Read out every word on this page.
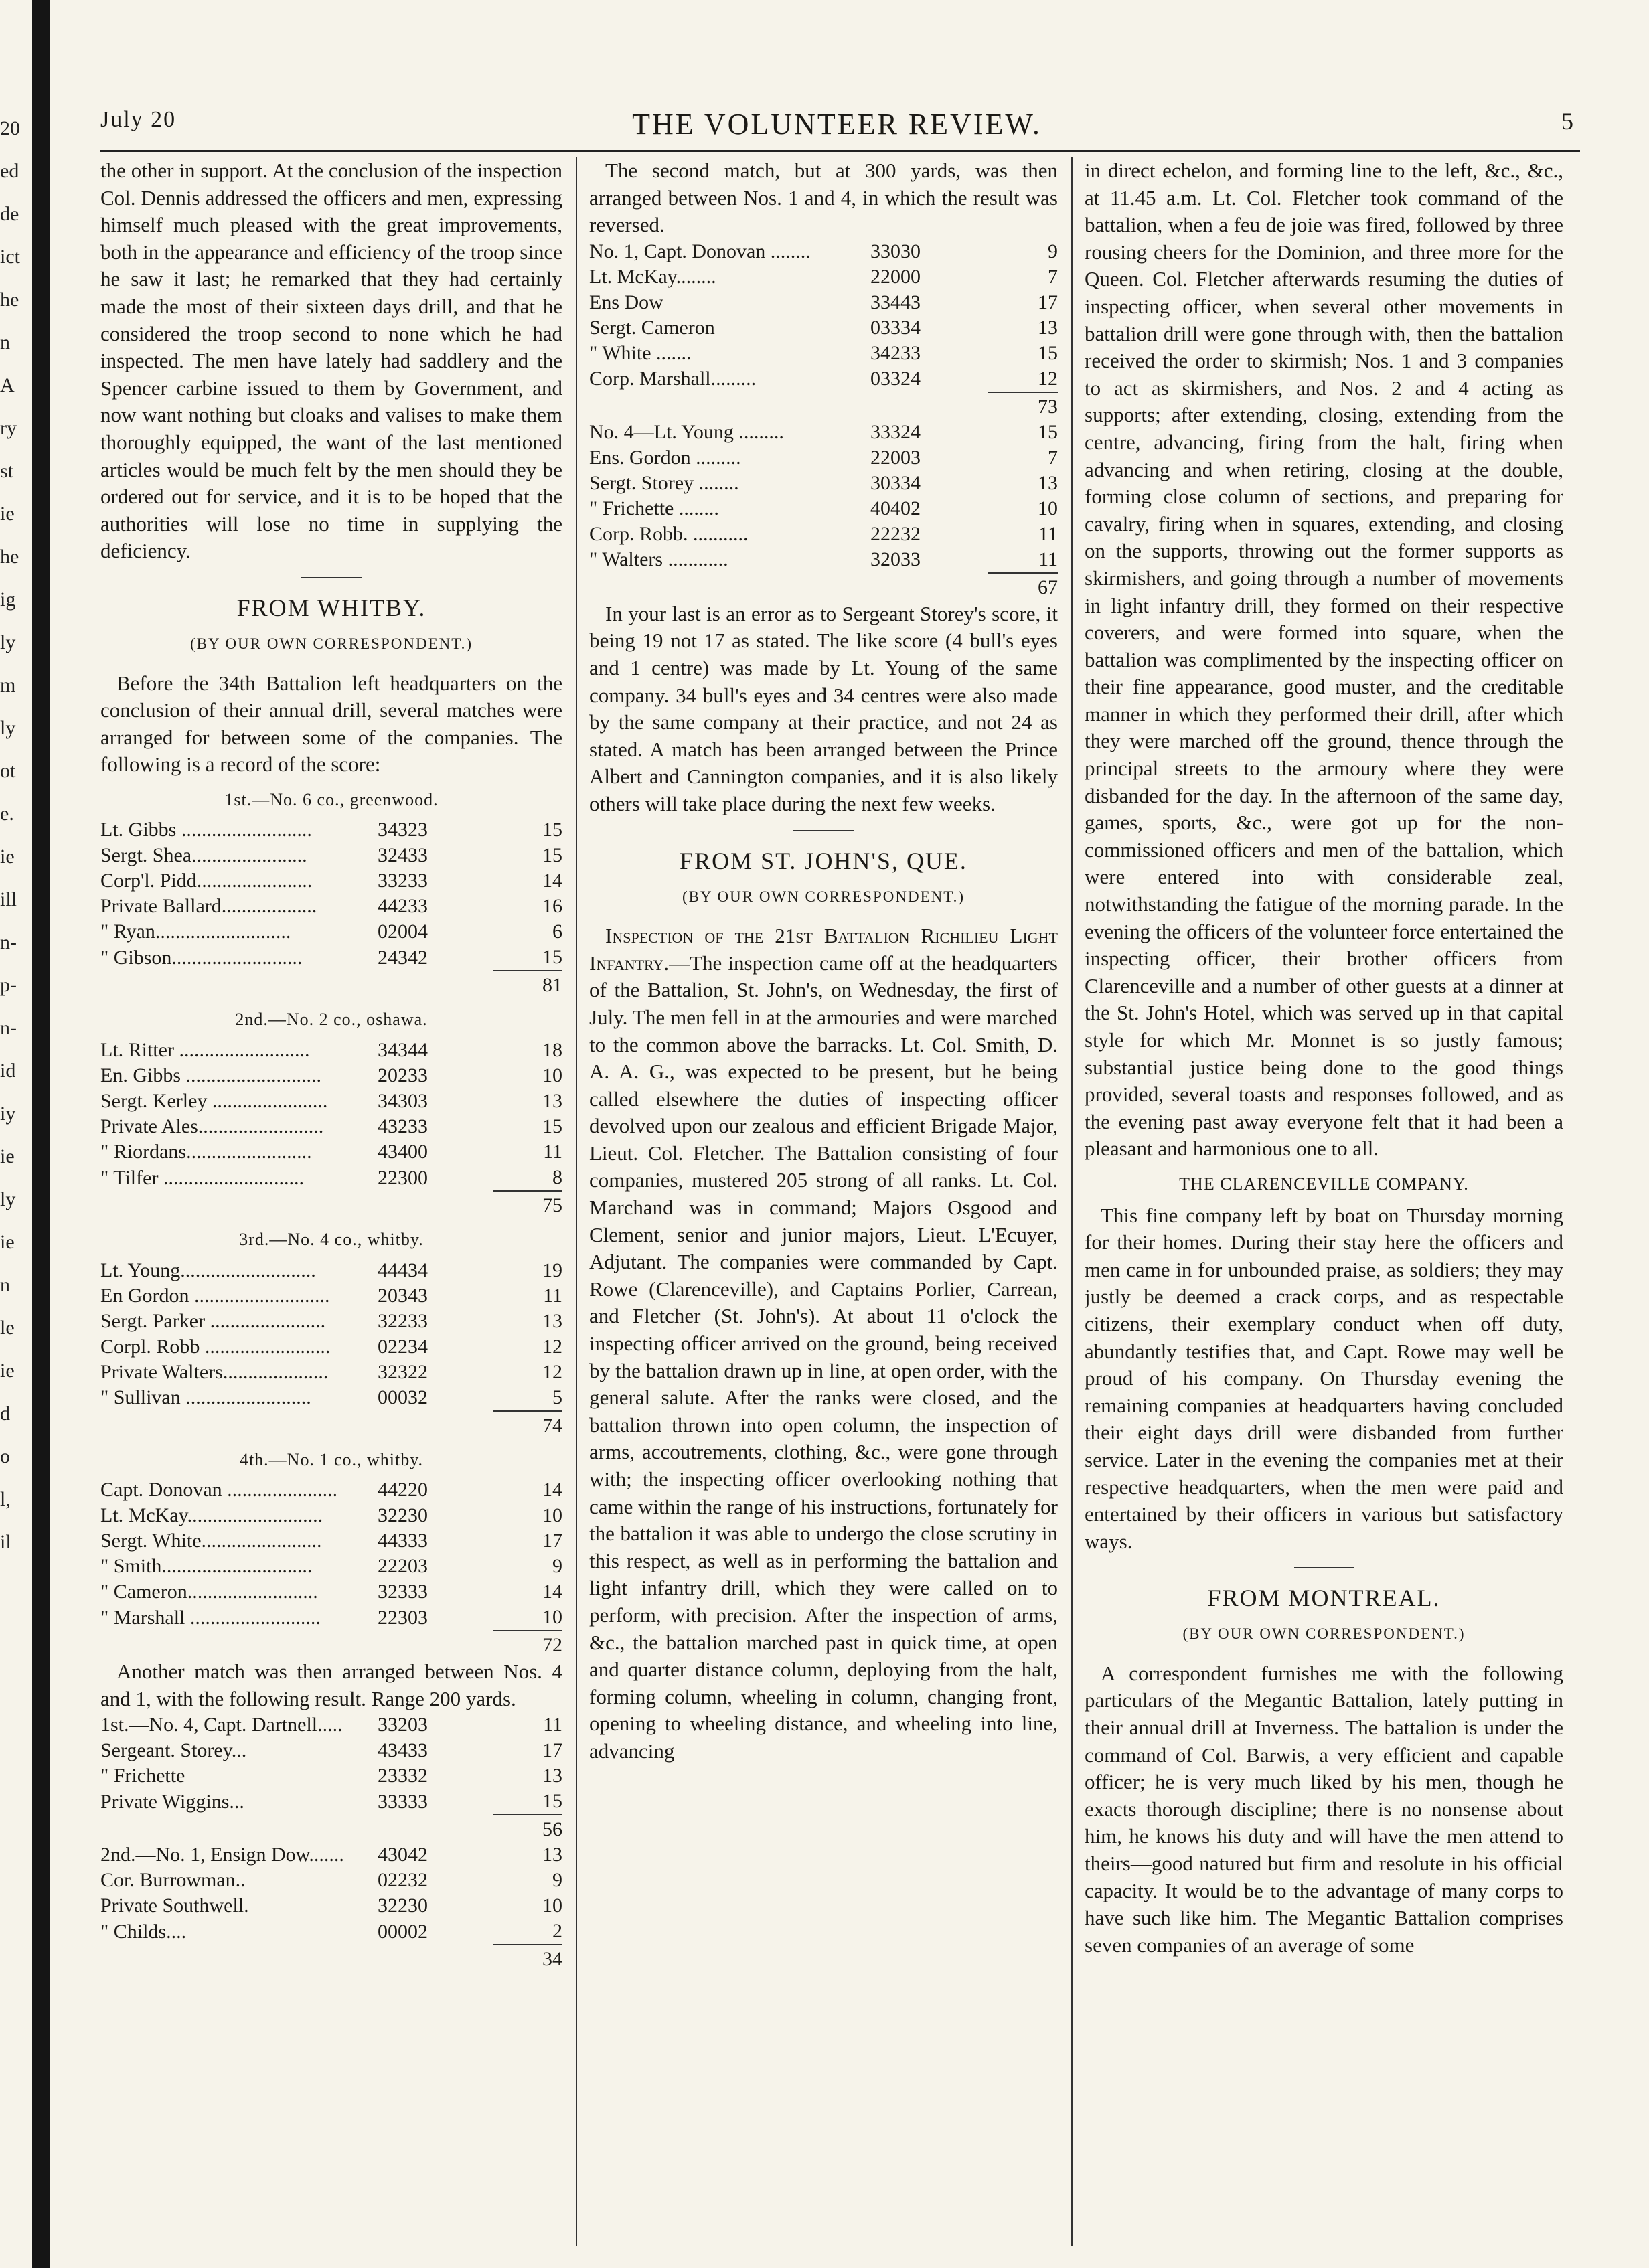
20
ed
de
ict
he
n
A
ry
st
ie
he
ig
ly
m
ly
ot
e.
ie
ill
n-
p-
n-
id
iy
ie
ly
ie
n
le
ie
d
o
l,
il
July 20	THE VOLUNTEER REVIEW.	5

the other in support. At the conclusion of the inspection Col. Dennis addressed the officers and men, expressing himself much pleased with the great improvements, both in the appearance and efficiency of the troop since he saw it last; he remarked that they had certainly made the most of their sixteen days drill, and that he considered the troop second to none which he had inspected. The men have lately had saddlery and the Spencer carbine issued to them by Government, and now want nothing but cloaks and valises to make them thoroughly equipped, the want of the last mentioned articles would be much felt by the men should they be ordered out for service, and it is to be hoped that the authorities will lose no time in supplying the deficiency.

FROM WHITBY.
(BY OUR OWN CORRESPONDENT.)

Before the 34th Battalion left headquarters on the conclusion of their annual drill, several matches were arranged for between some of the companies. The following is a record of the score:

1st.—No. 6 co., greenwood.
Lt. Gibbs ..........................	34323	15
Sergt. Shea.......................	32433	15
Corp'l. Pidd.......................	33233	14
Private Ballard...................	44233	16
" Ryan...........................	02004	6
" Gibson..........................	24342	15
		81
2nd.—No. 2 co., oshawa.
Lt. Ritter ..........................	34344	18
En. Gibbs ...........................	20233	10
Sergt. Kerley .......................	34303	13
Private Ales.........................	43233	15
" Riordans.........................	43400	11
" Tilfer ............................	22300	8
		75
3rd.—No. 4 co., whitby.
Lt. Young...........................	44434	19
En Gordon ...........................	20343	11
Sergt. Parker .......................	32233	13
Corpl. Robb .........................	02234	12
Private Walters.....................	32322	12
" Sullivan .........................	00032	5
		74
4th.—No. 1 co., whitby.
Capt. Donovan ......................	44220	14
Lt. McKay...........................	32230	10
Sergt. White........................	44333	17
" Smith..............................	22203	9
" Cameron..........................	32333	14
" Marshall ..........................	22303	10
		72

Another match was then arranged between Nos. 4 and 1, with the following result. Range 200 yards.

1st.—No. 4, Capt. Dartnell.....	33203	11
Sergeant. Storey...	43433	17
" Frichette	23332	13
Private Wiggins...	33333	15
		56
2nd.—No. 1, Ensign Dow.......	43042	13
Cor. Burrowman..	02232	9
Private Southwell.	32230	10
" Childs....	00002	2
		34

The second match, but at 300 yards, was then arranged between Nos. 1 and 4, in which the result was reversed.

No. 1, Capt. Donovan ........	33030	9
Lt. McKay........	22000	7
Ens Dow	33443	17
Sergt. Cameron	03334	13
" White .......	34233	15
Corp. Marshall.........	03324	12
		73
No. 4—Lt. Young .........	33324	15
Ens. Gordon .........	22003	7
Sergt. Storey ........	30334	13
" Frichette ........	40402	10
Corp. Robb. ...........	22232	11
" Walters ............	32033	11
		67

In your last is an error as to Sergeant Storey's score, it being 19 not 17 as stated. The like score (4 bull's eyes and 1 centre) was made by Lt. Young of the same company. 34 bull's eyes and 34 centres were also made by the same company at their practice, and not 24 as stated. A match has been arranged between the Prince Albert and Cannington companies, and it is also likely others will take place during the next few weeks.

FROM ST. JOHN'S, QUE.
(BY OUR OWN CORRESPONDENT.)

Inspection of the 21st Battalion Richilieu Light Infantry.—The inspection came off at the headquarters of the Battalion, St. John's, on Wednesday, the first of July. The men fell in at the armouries and were marched to the common above the barracks. Lt. Col. Smith, D. A. A. G., was expected to be present, but he being called elsewhere the duties of inspecting officer devolved upon our zealous and efficient Brigade Major, Lieut. Col. Fletcher. The Battalion consisting of four companies, mustered 205 strong of all ranks. Lt. Col. Marchand was in command; Majors Osgood and Clement, senior and junior majors, Lieut. L'Ecuyer, Adjutant. The companies were commanded by Capt. Rowe (Clarenceville), and Captains Porlier, Carrean, and Fletcher (St. John's). At about 11 o'clock the inspecting officer arrived on the ground, being received by the battalion drawn up in line, at open order, with the general salute. After the ranks were closed, and the battalion thrown into open column, the inspection of arms, accoutrements, clothing, &c., were gone through with; the inspecting officer overlooking nothing that came within the range of his instructions, fortunately for the battalion it was able to undergo the close scrutiny in this respect, as well as in performing the battalion and light infantry drill, which they were called on to perform, with precision. After the inspection of arms, &c., the battalion marched past in quick time, at open and quarter distance column, deploying from the halt, forming column, wheeling in column, changing front, opening to wheeling distance, and wheeling into line, advancing

in direct echelon, and forming line to the left, &c., &c., at 11.45 a.m. Lt. Col. Fletcher took command of the battalion, when a feu de joie was fired, followed by three rousing cheers for the Dominion, and three more for the Queen. Col. Fletcher afterwards resuming the duties of inspecting officer, when several other movements in battalion drill were gone through with, then the battalion received the order to skirmish; Nos. 1 and 3 companies to act as skirmishers, and Nos. 2 and 4 acting as supports; after extending, closing, extending from the centre, advancing, firing from the halt, firing when advancing and when retiring, closing at the double, forming close column of sections, and preparing for cavalry, firing when in squares, extending, and closing on the supports, throwing out the former supports as skirmishers, and going through a number of movements in light infantry drill, they formed on their respective coverers, and were formed into square, when the battalion was complimented by the inspecting officer on their fine appearance, good muster, and the creditable manner in which they performed their drill, after which they were marched off the ground, thence through the principal streets to the armoury where they were disbanded for the day. In the afternoon of the same day, games, sports, &c., were got up for the non-commissioned officers and men of the battalion, which were entered into with considerable zeal, notwithstanding the fatigue of the morning parade. In the evening the officers of the volunteer force entertained the inspecting officer, their brother officers from Clarenceville and a number of other guests at a dinner at the St. John's Hotel, which was served up in that capital style for which Mr. Monnet is so justly famous; substantial justice being done to the good things provided, several toasts and responses followed, and as the evening past away everyone felt that it had been a pleasant and harmonious one to all.

THE CLARENCEVILLE COMPANY.

This fine company left by boat on Thursday morning for their homes. During their stay here the officers and men came in for unbounded praise, as soldiers; they may justly be deemed a crack corps, and as respectable citizens, their exemplary conduct when off duty, abundantly testifies that, and Capt. Rowe may well be proud of his company. On Thursday evening the remaining companies at headquarters having concluded their eight days drill were disbanded from further service. Later in the evening the companies met at their respective headquarters, when the men were paid and entertained by their officers in various but satisfactory ways.

FROM MONTREAL.
(BY OUR OWN CORRESPONDENT.)

A correspondent furnishes me with the following particulars of the Megantic Battalion, lately putting in their annual drill at Inverness. The battalion is under the command of Col. Barwis, a very efficient and capable officer; he is very much liked by his men, though he exacts thorough discipline; there is no nonsense about him, he knows his duty and will have the men attend to theirs—good natured but firm and resolute in his official capacity. It would be to the advantage of many corps to have such like him. The Megantic Battalion comprises seven companies of an average of some
